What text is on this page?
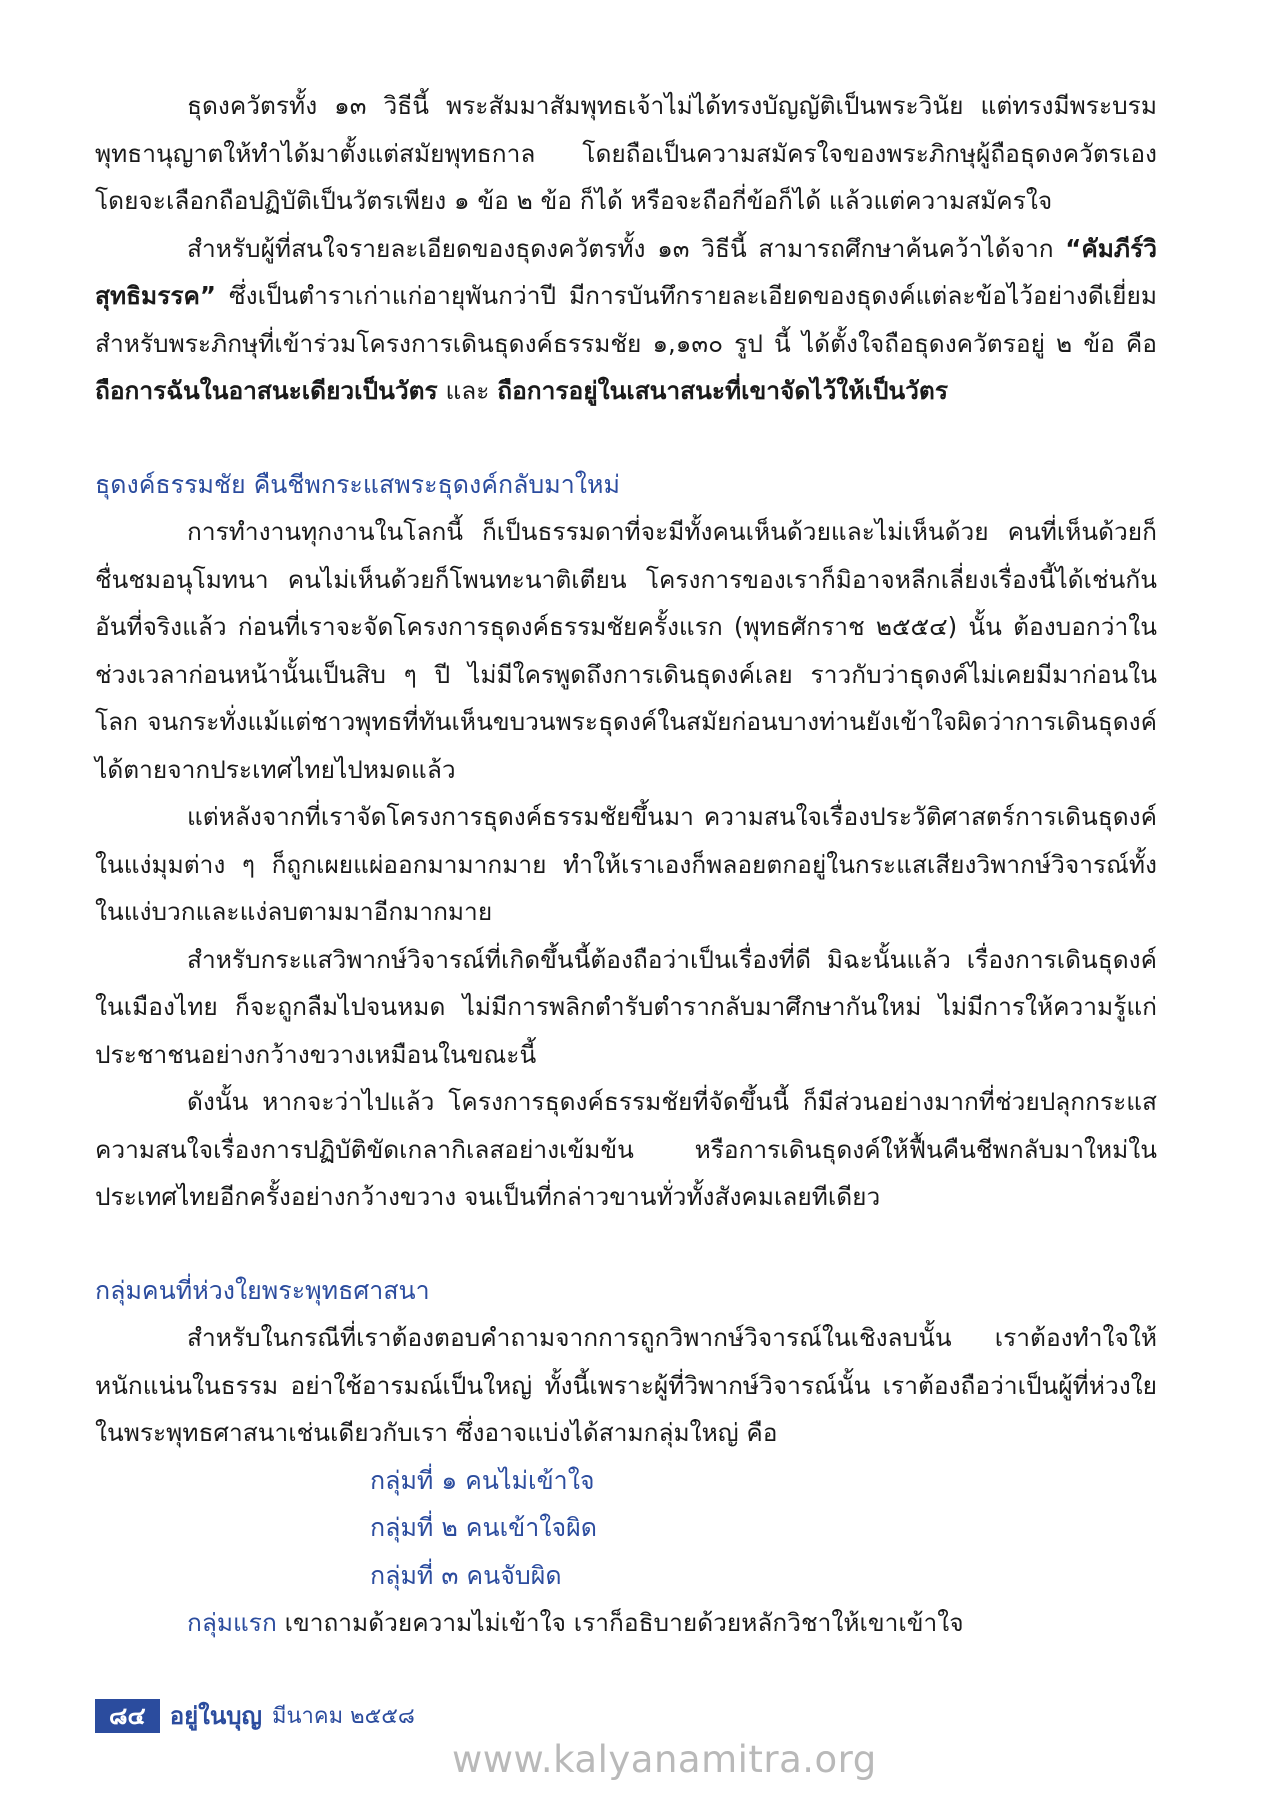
ธุดงควัตรทั้ง ๑๓ วิธีนี้ พระสัมมาสัมพุทธเจ้าไม่ได้ทรงบัญญัติเป็นพระวินัย แต่ทรงมีพระบรมพุทธานุญาตให้ทำได้มาตั้งแต่สมัยพุทธกาล โดยถือเป็นความสมัครใจของพระภิกษุผู้ถือธุดงควัตรเอง โดยจะเลือกถือปฏิบัติเป็นวัตรเพียง ๑ ข้อ ๒ ข้อ ก็ได้ หรือจะถือกี่ข้อก็ได้ แล้วแต่ความสมัครใจ

สำหรับผู้ที่สนใจรายละเอียดของธุดงควัตรทั้ง ๑๓ วิธีนี้ สามารถศึกษาค้นคว้าได้จาก “คัมภีร์วิสุทธิมรรค” ซึ่งเป็นตำราเก่าแก่อายุพันกว่าปี มีการบันทึกรายละเอียดของธุดงค์แต่ละข้อไว้อย่างดีเยี่ยม สำหรับพระภิกษุที่เข้าร่วมโครงการเดินธุดงค์ธรรมชัย ๑,๑๓๐ รูป นี้ ได้ตั้งใจถือธุดงควัตรอยู่ ๒ ข้อ คือ ถือการฉันในอาสนะเดียวเป็นวัตร และ ถือการอยู่ในเสนาสนะที่เขาจัดไว้ให้เป็นวัตร

ธุดงค์ธรรมชัย คืนชีพกระแสพระธุดงค์กลับมาใหม่

การทำงานทุกงานในโลกนี้ ก็เป็นธรรมดาที่จะมีทั้งคนเห็นด้วยและไม่เห็นด้วย คนที่เห็นด้วยก็ชื่นชมอนุโมทนา คนไม่เห็นด้วยก็โพนทะนาติเตียน โครงการของเราก็มิอาจหลีกเลี่ยงเรื่องนี้ได้เช่นกัน อันที่จริงแล้ว ก่อนที่เราจะจัดโครงการธุดงค์ธรรมชัยครั้งแรก (พุทธศักราช ๒๕๕๔) นั้น ต้องบอกว่าในช่วงเวลาก่อนหน้านั้นเป็นสิบ ๆ ปี ไม่มีใครพูดถึงการเดินธุดงค์เลย ราวกับว่าธุดงค์ไม่เคยมีมาก่อนในโลก จนกระทั่งแม้แต่ชาวพุทธที่ทันเห็นขบวนพระธุดงค์ในสมัยก่อนบางท่านยังเข้าใจผิดว่าการเดินธุดงค์ได้ตายจากประเทศไทยไปหมดแล้ว

แต่หลังจากที่เราจัดโครงการธุดงค์ธรรมชัยขึ้นมา ความสนใจเรื่องประวัติศาสตร์การเดินธุดงค์ในแง่มุมต่าง ๆ ก็ถูกเผยแผ่ออกมามากมาย ทำให้เราเองก็พลอยตกอยู่ในกระแสเสียงวิพากษ์วิจารณ์ทั้งในแง่บวกและแง่ลบตามมาอีกมากมาย

สำหรับกระแสวิพากษ์วิจารณ์ที่เกิดขึ้นนี้ต้องถือว่าเป็นเรื่องที่ดี มิฉะนั้นแล้ว เรื่องการเดินธุดงค์ในเมืองไทย ก็จะถูกลืมไปจนหมด ไม่มีการพลิกตำรับตำรากลับมาศึกษากันใหม่ ไม่มีการให้ความรู้แก่ประชาชนอย่างกว้างขวางเหมือนในขณะนี้

ดังนั้น หากจะว่าไปแล้ว โครงการธุดงค์ธรรมชัยที่จัดขึ้นนี้ ก็มีส่วนอย่างมากที่ช่วยปลุกกระแสความสนใจเรื่องการปฏิบัติขัดเกลากิเลสอย่างเข้มข้น หรือการเดินธุดงค์ให้ฟื้นคืนชีพกลับมาใหม่ในประเทศไทยอีกครั้งอย่างกว้างขวาง จนเป็นที่กล่าวขานทั่วทั้งสังคมเลยทีเดียว

กลุ่มคนที่ห่วงใยพระพุทธศาสนา

สำหรับในกรณีที่เราต้องตอบคำถามจากการถูกวิพากษ์วิจารณ์ในเชิงลบนั้น เราต้องทำใจให้หนักแน่นในธรรม อย่าใช้อารมณ์เป็นใหญ่ ทั้งนี้เพราะผู้ที่วิพากษ์วิจารณ์นั้น เราต้องถือว่าเป็นผู้ที่ห่วงใยในพระพุทธศาสนาเช่นเดียวกับเรา ซึ่งอาจแบ่งได้สามกลุ่มใหญ่ คือ

กลุ่มที่ ๑ คนไม่เข้าใจ
กลุ่มที่ ๒ คนเข้าใจผิด
กลุ่มที่ ๓ คนจับผิด

กลุ่มแรก เขาถามด้วยความไม่เข้าใจ เราก็อธิบายด้วยหลักวิชาให้เขาเข้าใจ

๘๔	อยู่ในบุญ มีนาคม ๒๕๕๘
www.kalyanamitra.org
